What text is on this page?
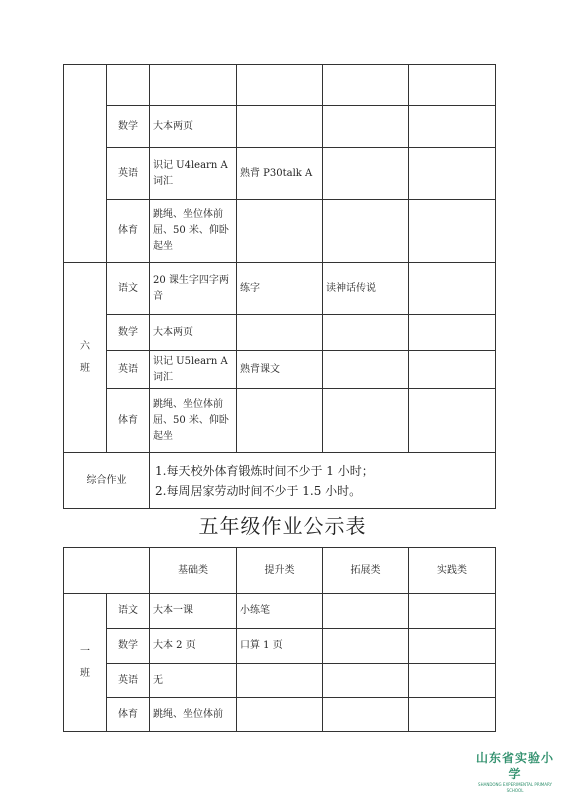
	数学	大本两页			
	英语	识记 U4learn A 词汇	熟背 P30talk A		
	体育	跳绳、坐位体前屈、50 米、仰卧起坐			
六
班	语文	20 课生字四字两音	练字	读神话传说	
	数学	大本两页			
	英语	识记 U5learn A 词汇	熟背课文		
	体育	跳绳、坐位体前屈、50 米、仰卧起坐			
综合作业		1.每天校外体育锻炼时间不少于 1 小时；
2.每周居家劳动时间不少于 1.5 小时。			
五年级作业公示表
		基础类	提升类	拓展类	实践类
一
班	语文	大本一课	小练笔		
	数学	大本 2 页	口算 1 页		
	英语	无			
	体育	跳绳、坐位体前			
山东省实验小学
SHANDONG EXPERIMENTAL PRIMARY SCHOOL
